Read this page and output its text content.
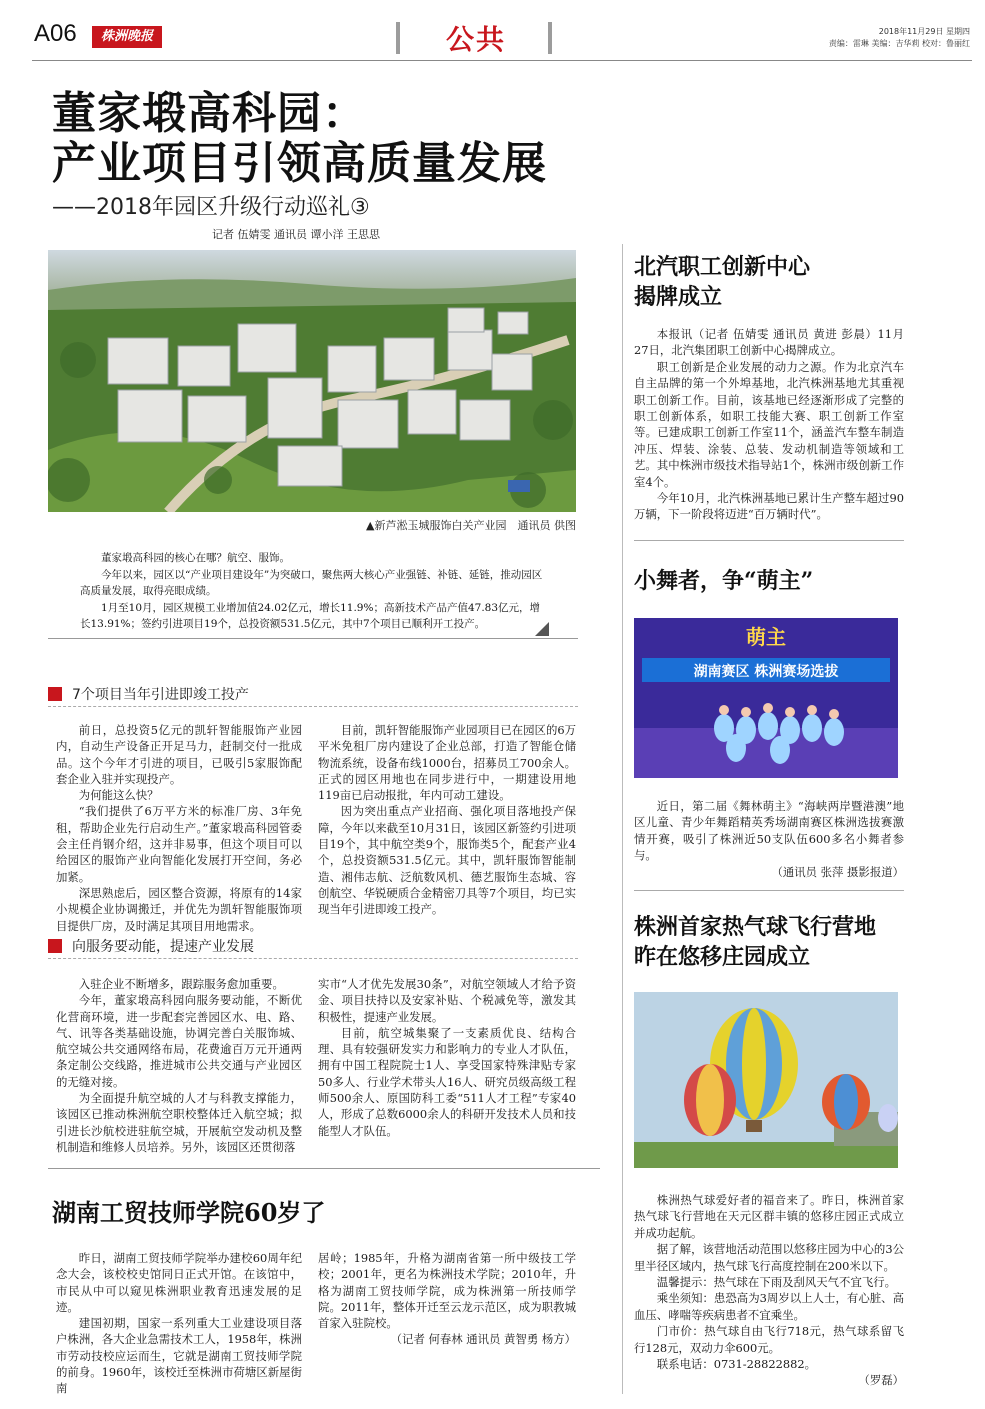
A06	株洲晚报	公共	2018年11月29日 星期四
责编：雷琳 美编：吉华莉 校对：鲁丽红
董家塅高科园：
产业项目引领高质量发展
——2018年园区升级行动巡礼③
记者 伍婧雯 通讯员 谭小洋 王思思
▲新芦淞玉城服饰白关产业园　通讯员 供图

董家塅高科园的核心在哪？航空、服饰。

今年以来，园区以“产业项目建设年”为突破口，聚焦两大核心产业强链、补链、延链，推动园区高质量发展，取得亮眼成绩。

1月至10月，园区规模工业增加值24.02亿元，增长11.9%；高新技术产品产值47.83亿元，增长13.91%；签约引进项目19个，总投资额531.5亿元，其中7个项目已顺利开工投产。

7个项目当年引进即竣工投产

前日，总投资5亿元的凯轩智能服饰产业园内，自动生产设备正开足马力，赶制交付一批成品。这个今年才引进的项目，已吸引5家服饰配套企业入驻并实现投产。

为何能这么快？

“我们提供了6万平方米的标准厂房、3年免租，帮助企业先行启动生产。”董家塅高科园管委会主任肖钢介绍，这并非易事，但这个项目可以给园区的服饰产业向智能化发展打开空间，务必加紧。

深思熟虑后，园区整合资源，将原有的14家小规模企业协调搬迁，并优先为凯轩智能服饰项目提供厂房，及时满足其项目用地需求。

目前，凯轩智能服饰产业园项目已在园区的6万平米免租厂房内建设了企业总部，打造了智能仓储物流系统，设备布线1000台，招募员工700余人。正式的园区用地也在同步进行中，一期建设用地119亩已启动报批，年内可动工建设。

因为突出重点产业招商、强化项目落地投产保障，今年以来截至10月31日，该园区新签约引进项目19个，其中航空类9个，服饰类5个，配套产业4个，总投资额531.5亿元。其中，凯轩服饰智能制造、湘伟志航、泛航数风机、德艺服饰生态城、容创航空、华锐硬质合金精密刀具等7个项目，均已实现当年引进即竣工投产。

向服务要动能，提速产业发展

入驻企业不断增多，跟踪服务愈加重要。

今年，董家塅高科园向服务要动能，不断优化营商环境，进一步配套完善园区水、电、路、气、讯等各类基础设施，协调完善白关服饰城、航空城公共交通网络布局，花费逾百万元开通两条定制公交线路，推进城市公共交通与产业园区的无缝对接。

为全面提升航空城的人才与科教支撑能力，该园区已推动株洲航空职校整体迁入航空城；拟引进长沙航校进驻航空城，开展航空发动机及整机制造和维修人员培养。另外，该园区还贯彻落

实市“人才优先发展30条”，对航空领域人才给予资金、项目扶持以及安家补贴、个税减免等，激发其积极性，提速产业发展。

目前，航空城集聚了一支素质优良、结构合理、具有较强研发实力和影响力的专业人才队伍，拥有中国工程院院士1人、享受国家特殊津贴专家50多人、行业学术带头人16人、研究员级高级工程师500余人、原国防科工委“511人才工程”专家40人，形成了总数6000余人的科研开发技术人员和技能型人才队伍。

湖南工贸技师学院60岁了

昨日，湖南工贸技师学院举办建校60周年纪念大会，该校校史馆同日正式开馆。在该馆中，市民从中可以窥见株洲职业教育迅速发展的足迹。

建国初期，国家一系列重大工业建设项目落户株洲，各大企业急需技术工人，1958年，株洲市劳动技校应运而生，它就是湖南工贸技师学院的前身。1960年，该校迁至株洲市荷塘区新屋街南

居岭；1985年，升格为湖南省第一所中级技工学校；2001年，更名为株洲技术学院；2010年，升格为湖南工贸技师学院，成为株洲第一所技师学院。2011年，整体开迁至云龙示范区，成为职教城首家入驻院校。

（记者 何春林 通讯员 黄智勇 杨方）

北汽职工创新中心
揭牌成立

本报讯（记者 伍婧雯 通讯员 黄进 彭晨）11月27日，北汽集团职工创新中心揭牌成立。

职工创新是企业发展的动力之源。作为北京汽车自主品牌的第一个外埠基地，北汽株洲基地尤其重视职工创新工作。目前，该基地已经逐渐形成了完整的职工创新体系，如职工技能大赛、职工创新工作室等。已建成职工创新工作室11个，涵盖汽车整车制造冲压、焊装、涂装、总装、发动机制造等领域和工艺。其中株洲市级技术指导站1个，株洲市级创新工作室4个。

今年10月，北汽株洲基地已累计生产整车超过90万辆，下一阶段将迈进“百万辆时代”。

小舞者，争“萌主”
萌主
湖南赛区 株洲赛场选拔

近日，第二届《舞林萌主》“海峡两岸暨港澳”地区儿童、青少年舞蹈精英秀场湖南赛区株洲选拔赛激情开赛，吸引了株洲近50支队伍600多名小舞者参与。

（通讯员 张萍 摄影报道）

株洲首家热气球飞行营地
昨在悠移庄园成立

株洲热气球爱好者的福音来了。昨日，株洲首家热气球飞行营地在天元区群丰镇的悠移庄园正式成立并成功起航。

据了解，该营地活动范围以悠移庄园为中心的3公里半径区域内，热气球飞行高度控制在200米以下。

温馨提示：热气球在下雨及刮风天气不宜飞行。

乘坐须知：患恐高为3周岁以上人士，有心脏、高血压、哮喘等疾病患者不宜乘坐。

门市价：热气球自由飞行718元，热气球系留飞行128元，双动力伞600元。

联系电话：0731-28822882。

（罗磊）
